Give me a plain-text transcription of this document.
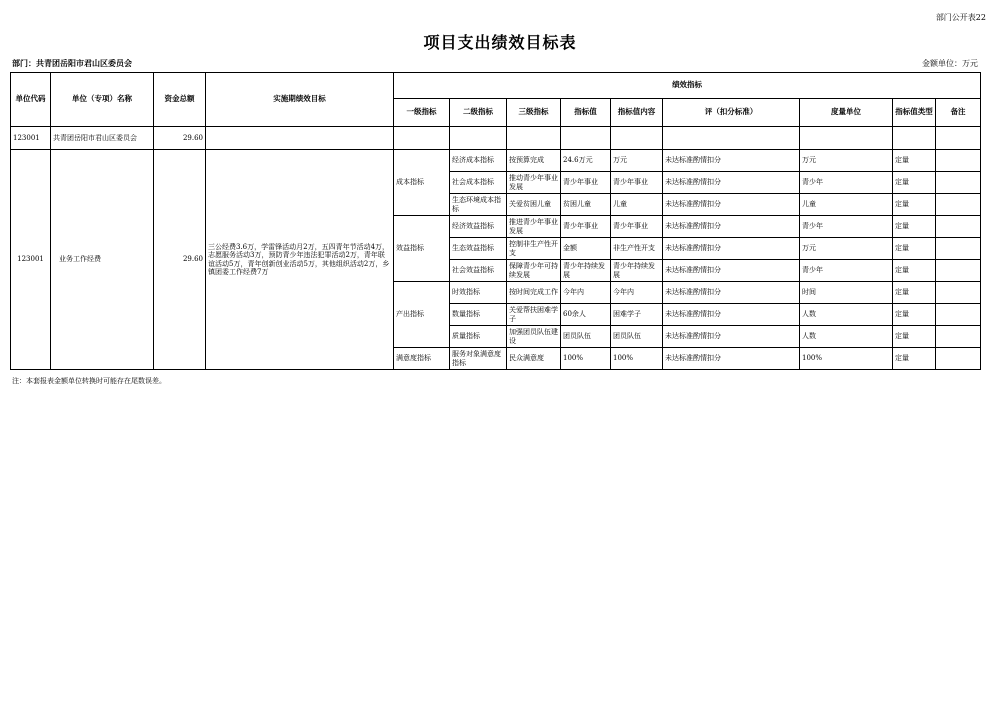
部门公开表22
项目支出绩效目标表
部门：共青团岳阳市君山区委员会	金额单位：万元
单位代码	单位（专项）名称	资金总额	实施期绩效目标	绩效指标								
				一级指标	二级指标	三级指标	指标值	指标值内容	评（扣分标准）	度量单位	指标值类型	备注
123001	共青团岳阳市君山区委员会	29.60										
123001	业务工作经费	29.60	三公经费3.6万，学雷锋活动月2万，五四青年节活动4万，志愿服务活动3万，预防青少年违法犯罪活动2万，青年联谊活动5万，青年创新创业活动5万，其他组织活动2万，乡镇团委工作经费7万	成本指标	经济成本指标	按预算完成	24.6万元	万元	未达标准酌情扣分	万元	定量	
					社会成本指标	推动青少年事业发展	青少年事业	青少年事业	未达标准酌情扣分	青少年	定量	
					生态环境成本指标	关爱贫困儿童	贫困儿童	儿童	未达标准酌情扣分	儿童	定量	
				效益指标	经济效益指标	推进青少年事业发展	青少年事业	青少年事业	未达标准酌情扣分	青少年	定量	
					生态效益指标	控制非生产性开支	金额	非生产性开支	未达标准酌情扣分	万元	定量	
					社会效益指标	保障青少年可持续发展	青少年持续发展	青少年持续发展	未达标准酌情扣分	青少年	定量	
				产出指标	时效指标	按时间完成工作	今年内	今年内	未达标准酌情扣分	时间	定量	
					数量指标	关爱帮扶困难学子	60余人	困难学子	未达标准酌情扣分	人数	定量	
					质量指标	加强团员队伍建设	团员队伍	团员队伍	未达标准酌情扣分	人数	定量	
				满意度指标	服务对象满意度指标	民众满意度	100%	100%	未达标准酌情扣分	100%	定量	
注：本套报表金额单位转换时可能存在尾数误差。
